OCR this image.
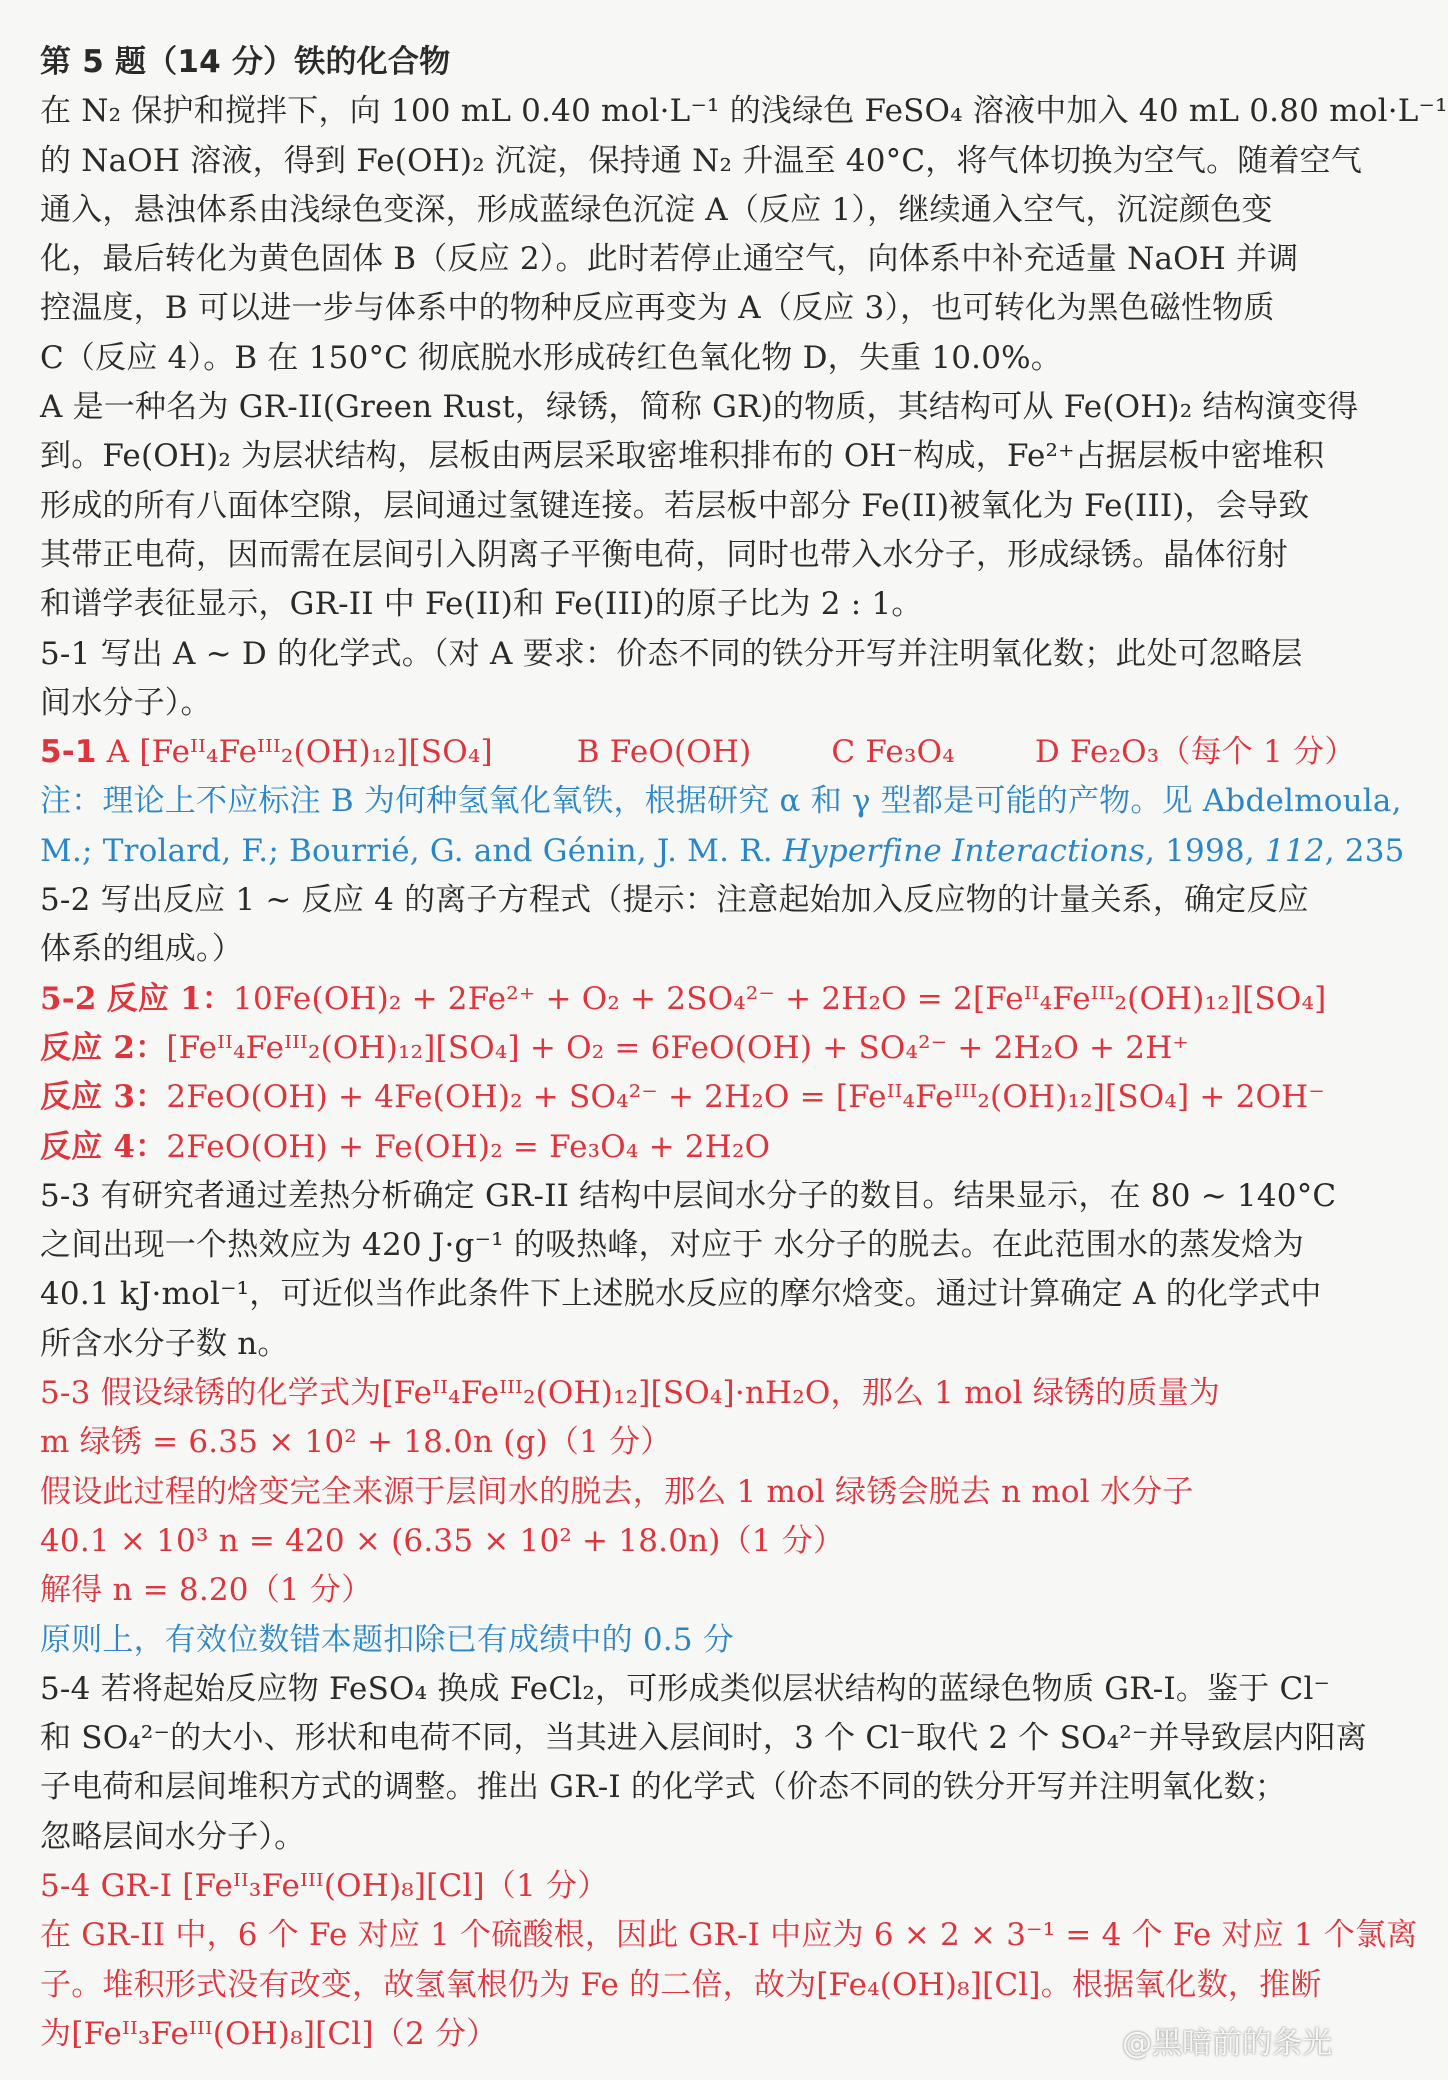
第 5 题（14 分）铁的化合物
在 N₂ 保护和搅拌下，向 100 mL 0.40 mol·L⁻¹ 的浅绿色 FeSO₄ 溶液中加入 40 mL 0.80 mol·L⁻¹
的 NaOH 溶液，得到 Fe(OH)₂ 沉淀，保持通 N₂ 升温至 40°C，将气体切换为空气。随着空气
通入，悬浊体系由浅绿色变深，形成蓝绿色沉淀 A（反应 1），继续通入空气，沉淀颜色变
化，最后转化为黄色固体 B（反应 2）。此时若停止通空气，向体系中补充适量 NaOH 并调
控温度，B 可以进一步与体系中的物种反应再变为 A（反应 3），也可转化为黑色磁性物质
C（反应 4）。B 在 150°C 彻底脱水形成砖红色氧化物 D，失重 10.0%。
A 是一种名为 GR-II(Green Rust，绿锈，简称 GR)的物质，其结构可从 Fe(OH)₂ 结构演变得
到。Fe(OH)₂ 为层状结构，层板由两层采取密堆积排布的 OH⁻构成，Fe²⁺占据层板中密堆积
形成的所有八面体空隙，层间通过氢键连接。若层板中部分 Fe(II)被氧化为 Fe(III)，会导致
其带正电荷，因而需在层间引入阴离子平衡电荷，同时也带入水分子，形成绿锈。晶体衍射
和谱学表征显示，GR-II 中 Fe(II)和 Fe(III)的原子比为 2 : 1。
5-1 写出 A ~ D 的化学式。（对 A 要求：价态不同的铁分开写并注明氧化数；此处可忽略层
间水分子）。
5-1 A [Feᴵᴵ₄Feᴵᴵᴵ₂(OH)₁₂][SO₄]	B FeO(OH)	C Fe₃O₄	D Fe₂O₃（每个 1 分）
注：理论上不应标注 B 为何种氢氧化氧铁，根据研究 α 和 γ 型都是可能的产物。见 Abdelmoula,
M.; Trolard, F.; Bourrié, G. and Génin, J. M. R. Hyperfine Interactions, 1998, 112, 235
5-2 写出反应 1 ~ 反应 4 的离子方程式（提示：注意起始加入反应物的计量关系，确定反应
体系的组成。）
5-2 反应 1：10Fe(OH)₂ + 2Fe²⁺ + O₂ + 2SO₄²⁻ + 2H₂O = 2[Feᴵᴵ₄Feᴵᴵᴵ₂(OH)₁₂][SO₄]
反应 2：[Feᴵᴵ₄Feᴵᴵᴵ₂(OH)₁₂][SO₄] + O₂ = 6FeO(OH) + SO₄²⁻ + 2H₂O + 2H⁺
反应 3：2FeO(OH) + 4Fe(OH)₂ + SO₄²⁻ + 2H₂O = [Feᴵᴵ₄Feᴵᴵᴵ₂(OH)₁₂][SO₄] + 2OH⁻
反应 4：2FeO(OH) + Fe(OH)₂ = Fe₃O₄ + 2H₂O
5-3 有研究者通过差热分析确定 GR-II 结构中层间水分子的数目。结果显示，在 80 ~ 140°C
之间出现一个热效应为 420 J·g⁻¹ 的吸热峰，对应于 水分子的脱去。在此范围水的蒸发焓为
40.1 kJ·mol⁻¹，可近似当作此条件下上述脱水反应的摩尔焓变。通过计算确定 A 的化学式中
所含水分子数 n。
5-3 假设绿锈的化学式为[Feᴵᴵ₄Feᴵᴵᴵ₂(OH)₁₂][SO₄]·nH₂O，那么 1 mol 绿锈的质量为
m 绿锈 = 6.35 × 10² + 18.0n (g)（1 分）
假设此过程的焓变完全来源于层间水的脱去，那么 1 mol 绿锈会脱去 n mol 水分子
40.1 × 10³ n = 420 × (6.35 × 10² + 18.0n)（1 分）
解得 n = 8.20（1 分）
原则上，有效位数错本题扣除已有成绩中的 0.5 分
5-4 若将起始反应物 FeSO₄ 换成 FeCl₂，可形成类似层状结构的蓝绿色物质 GR-I。鉴于 Cl⁻
和 SO₄²⁻的大小、形状和电荷不同，当其进入层间时，3 个 Cl⁻取代 2 个 SO₄²⁻并导致层内阳离
子电荷和层间堆积方式的调整。推出 GR-I 的化学式（价态不同的铁分开写并注明氧化数；
忽略层间水分子）。
5-4 GR-I [Feᴵᴵ₃Feᴵᴵᴵ(OH)₈][Cl]（1 分）
在 GR-II 中，6 个 Fe 对应 1 个硫酸根，因此 GR-I 中应为 6 × 2 × 3⁻¹ = 4 个 Fe 对应 1 个氯离
子。堆积形式没有改变，故氢氧根仍为 Fe 的二倍，故为[Fe₄(OH)₈][Cl]。根据氧化数，推断
为[Feᴵᴵ₃Feᴵᴵᴵ(OH)₈][Cl]（2 分）	@黑暗前的条光
